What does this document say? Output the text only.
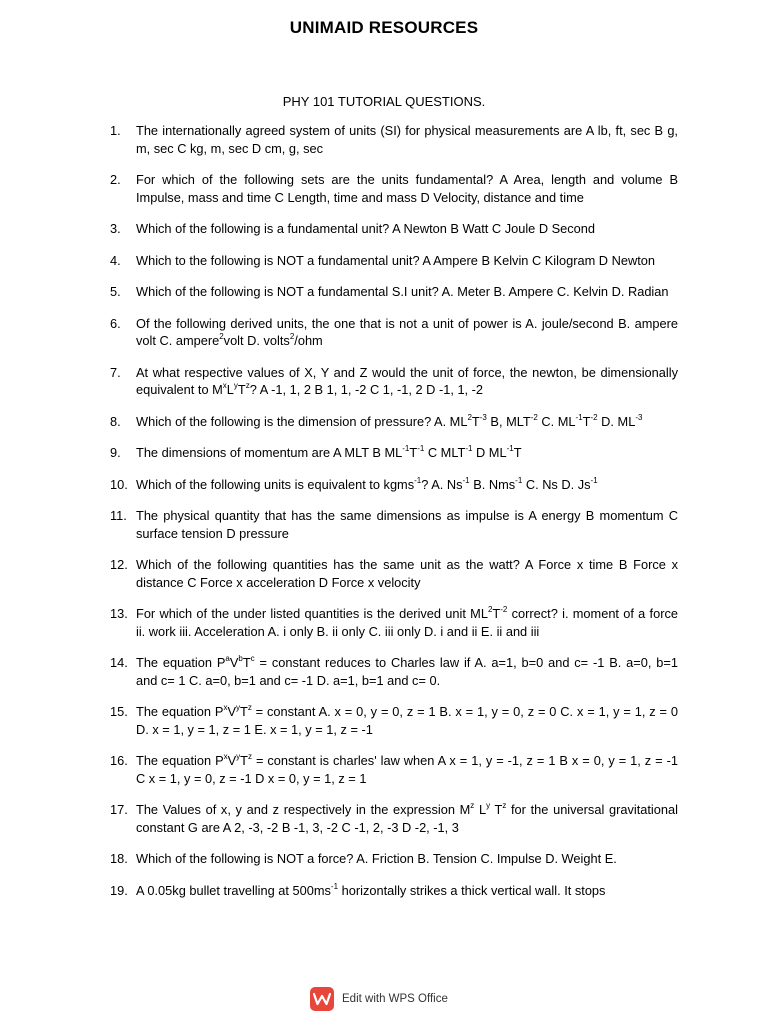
UNIMAID RESOURCES
PHY 101 TUTORIAL QUESTIONS.
1. The internationally agreed system of units (SI) for physical measurements are A lb, ft, sec B g, m, sec C kg, m, sec D cm, g, sec
2. For which of the following sets are the units fundamental? A Area, length and volume B Impulse, mass and time C Length, time and mass D Velocity, distance and time
3. Which of the following is a fundamental unit? A Newton B Watt C Joule D Second
4. Which to the following is NOT a fundamental unit? A Ampere B Kelvin C Kilogram D Newton
5. Which of the following is NOT a fundamental S.I unit? A. Meter B. Ampere C. Kelvin D. Radian
6. Of the following derived units, the one that is not a unit of power is A. joule/second B. ampere volt C. ampere$^2$volt D. volts$^2$/ohm
7. At what respective values of X, Y and Z would the unit of force, the newton, be dimensionally equivalent to $M^xL^yT^z$? A -1, 1, 2 B 1, 1, -2 C 1, -1, 2 D -1, 1, -2
8. Which of the following is the dimension of pressure? A. $ML^2T^{-3}$ B, $MLT^{-2}$ C. $ML^{-1}T^{-2}$ D. $ML^{-3}$
9. The dimensions of momentum are A MLT B $ML^{-1}T^{-1}$ C $MLT^{-1}$ D $ML^{-1}T$
10. Which of the following units is equivalent to kgms$^{-1}$? A. $Ns^{-1}$ B. Nms$^{-1}$ C. Ns D. $Js^{-1}$
11. The physical quantity that has the same dimensions as impulse is A energy B momentum C surface tension D pressure
12. Which of the following quantities has the same unit as the watt? A Force x time B Force x distance C Force x acceleration D Force x velocity
13. For which of the under listed quantities is the derived unit $ML^2T^{-2}$ correct? i. moment of a force ii. work iii. Acceleration A. i only B. ii only C. iii only D. i and ii E. ii and iii
14. The equation $P^aV^bT^c$ = constant reduces to Charles law if A. a=1, b=0 and c= -1 B. a=0, b=1 and c= 1 C. a=0, b=1 and c= -1 D. a=1, b=1 and c= 0.
15. The equation $P^xV^yT^z$ = constant A. x = 0, y = 0, z = 1 B. x = 1, y = 0, z = 0 C. x = 1, y = 1, z = 0 D. x = 1, y = 1, z = 1 E. x = 1, y = 1, z = -1
16. The equation $P^xV^yT^z$ = constant is charles' law when A x = 1, y = -1, z = 1 B x = 0, y = 1, z = -1 C x = 1, y = 0, z = -1 D x = 0, y = 1, z = 1
17. The Values of x, y and z respectively in the expression $M^z$ $L^y$ $T^z$ for the universal gravitational constant G are A 2, -3, -2 B -1, 3, -2 C -1, 2, -3 D -2, -1, 3
18. Which of the following is NOT a force? A. Friction B. Tension C. Impulse D. Weight E.
19. A 0.05kg bullet travelling at $500ms^{-1}$ horizontally strikes a thick vertical wall. It stops
Edit with WPS Office
